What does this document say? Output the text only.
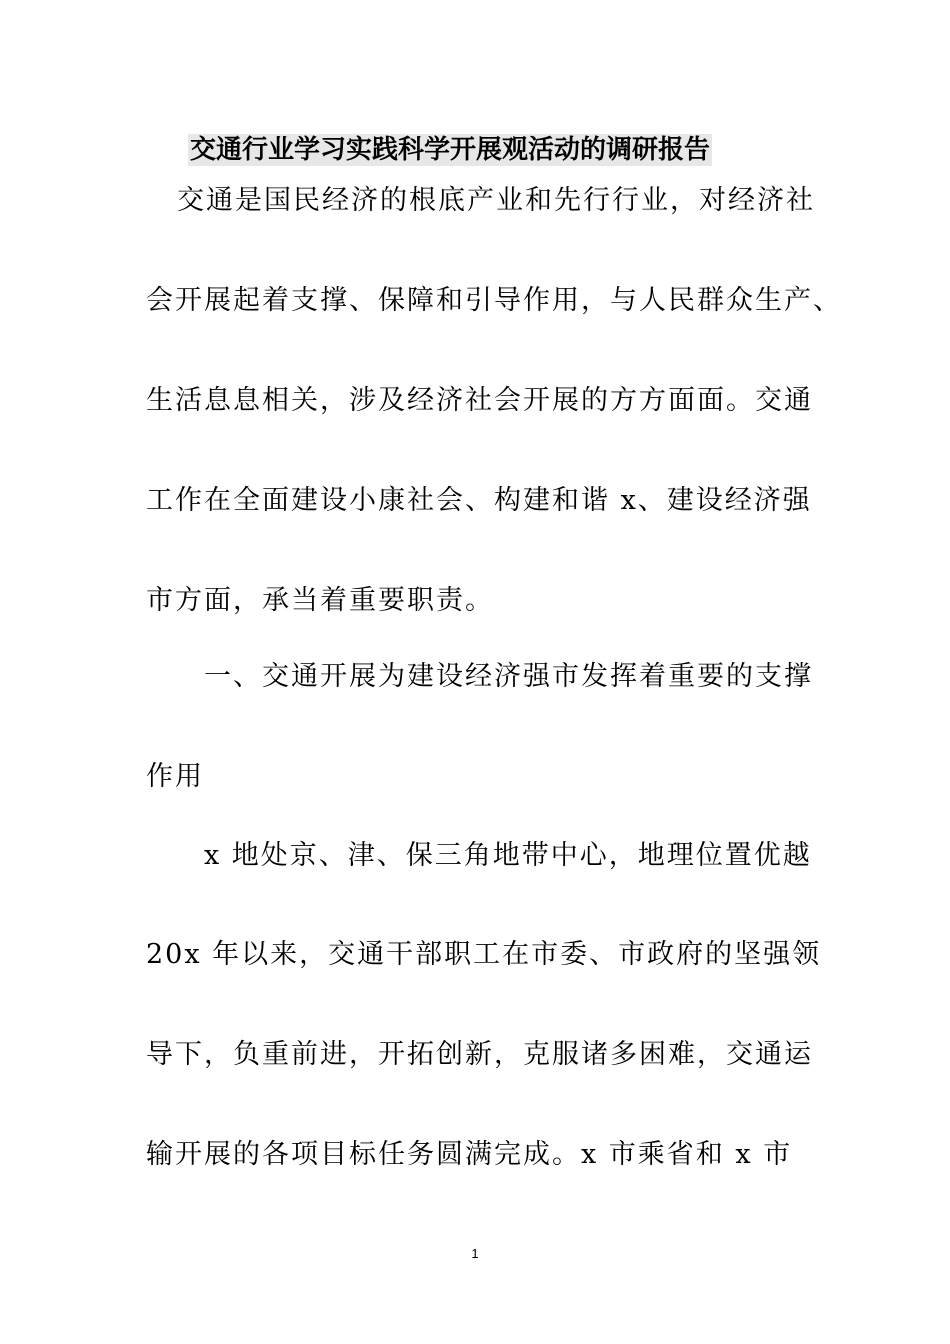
交通行业学习实践科学开展观活动的调研报告
交通是国民经济的根底产业和先行行业，对经济社
会开展起着支撑、保障和引导作用，与人民群众生产、
生活息息相关，涉及经济社会开展的方方面面。交通
工作在全面建设小康社会、构建和谐 x、建设经济强
市方面，承当着重要职责。
一、交通开展为建设经济强市发挥着重要的支撑
作用
x 地处京、津、保三角地带中心，地理位置优越
20x 年以来，交通干部职工在市委、市政府的坚强领
导下，负重前进，开拓创新，克服诸多困难，交通运
输开展的各项目标任务圆满完成。x 市乘省和 x 市
1
